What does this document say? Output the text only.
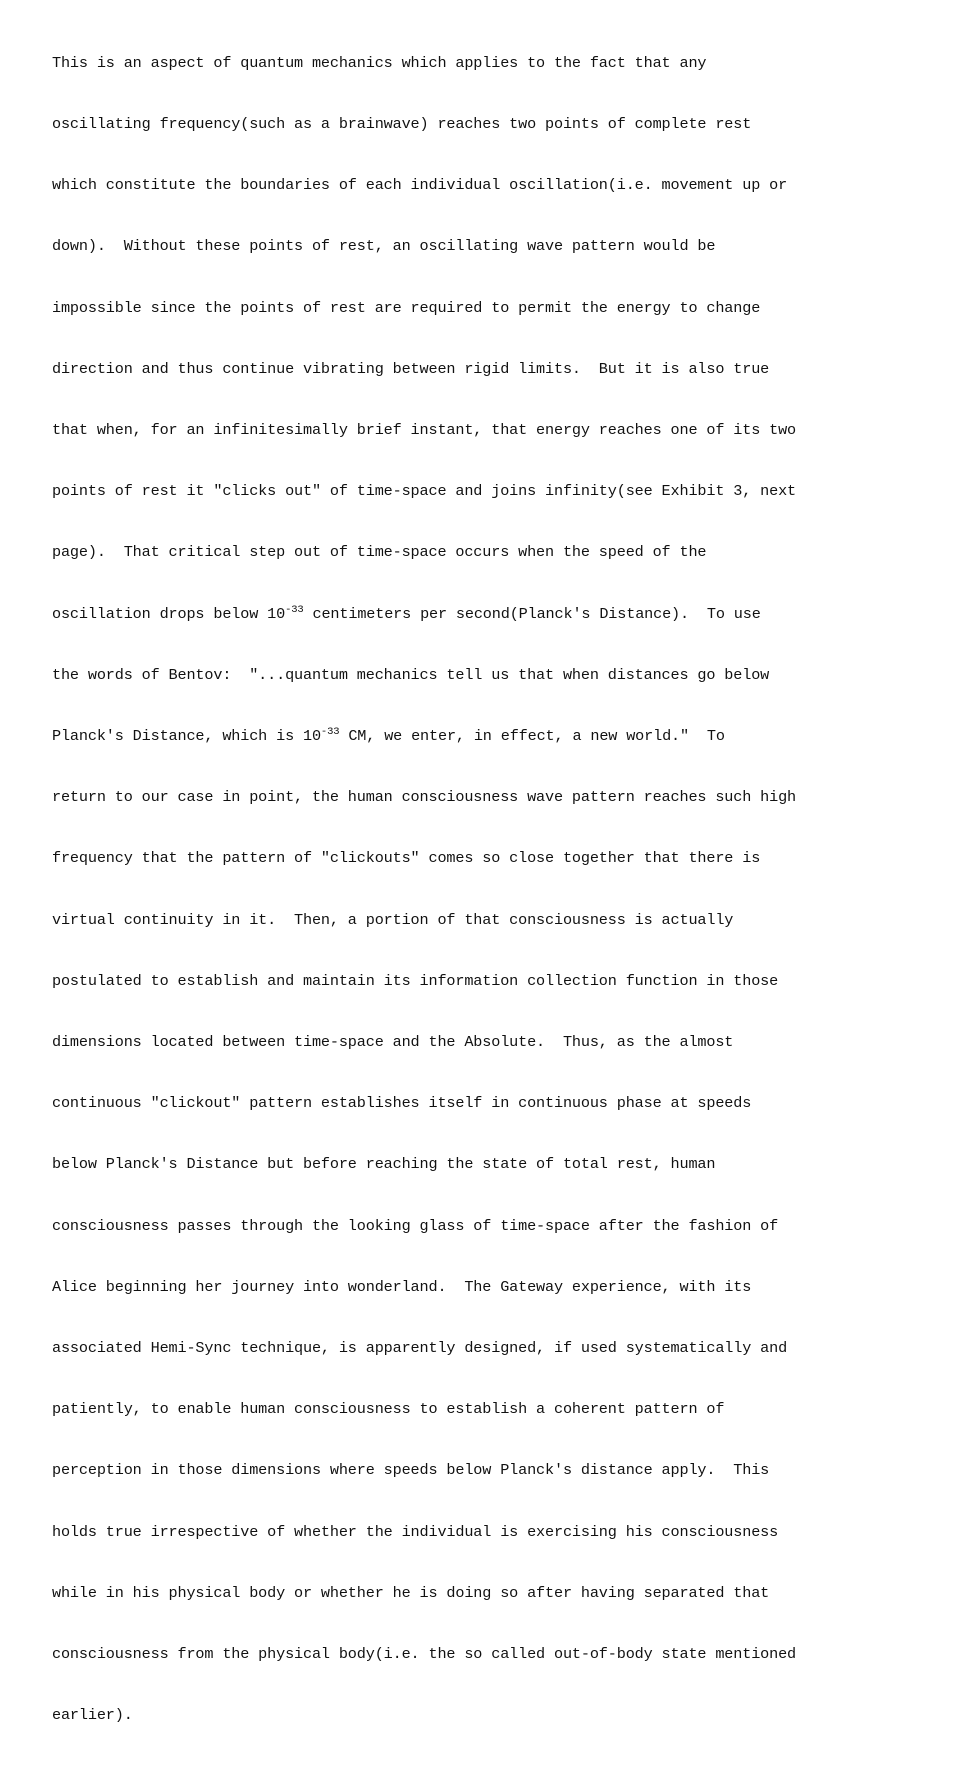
This is an aspect of quantum mechanics which applies to the fact that any

oscillating frequency(such as a brainwave) reaches two points of complete rest

which constitute the boundaries of each individual oscillation(i.e. movement up or

down).  Without these points of rest, an oscillating wave pattern would be

impossible since the points of rest are required to permit the energy to change

direction and thus continue vibrating between rigid limits.  But it is also true

that when, for an infinitesimally brief instant, that energy reaches one of its two

points of rest it "clicks out" of time-space and joins infinity(see Exhibit 3, next

page).  That critical step out of time-space occurs when the speed of the

oscillation drops below $10^{-33}$ centimeters per second(Planck's Distance).  To use

the words of Bentov:  "...quantum mechanics tell us that when distances go below

Planck's Distance, which is $10^{-33}$ CM, we enter, in effect, a new world."  To

return to our case in point, the human consciousness wave pattern reaches such high

frequency that the pattern of "clickouts" comes so close together that there is

virtual continuity in it.  Then, a portion of that consciousness is actually

postulated to establish and maintain its information collection function in those

dimensions located between time-space and the Absolute.  Thus, as the almost

continuous "clickout" pattern establishes itself in continuous phase at speeds

below Planck's Distance but before reaching the state of total rest, human

consciousness passes through the looking glass of time-space after the fashion of

Alice beginning her journey into wonderland.  The Gateway experience, with its

associated Hemi-Sync technique, is apparently designed, if used systematically and

patiently, to enable human consciousness to establish a coherent pattern of

perception in those dimensions where speeds below Planck's distance apply.  This

holds true irrespective of whether the individual is exercising his consciousness

while in his physical body or whether he is doing so after having separated that

consciousness from the physical body(i.e. the so called out-of-body state mentioned

earlier).
